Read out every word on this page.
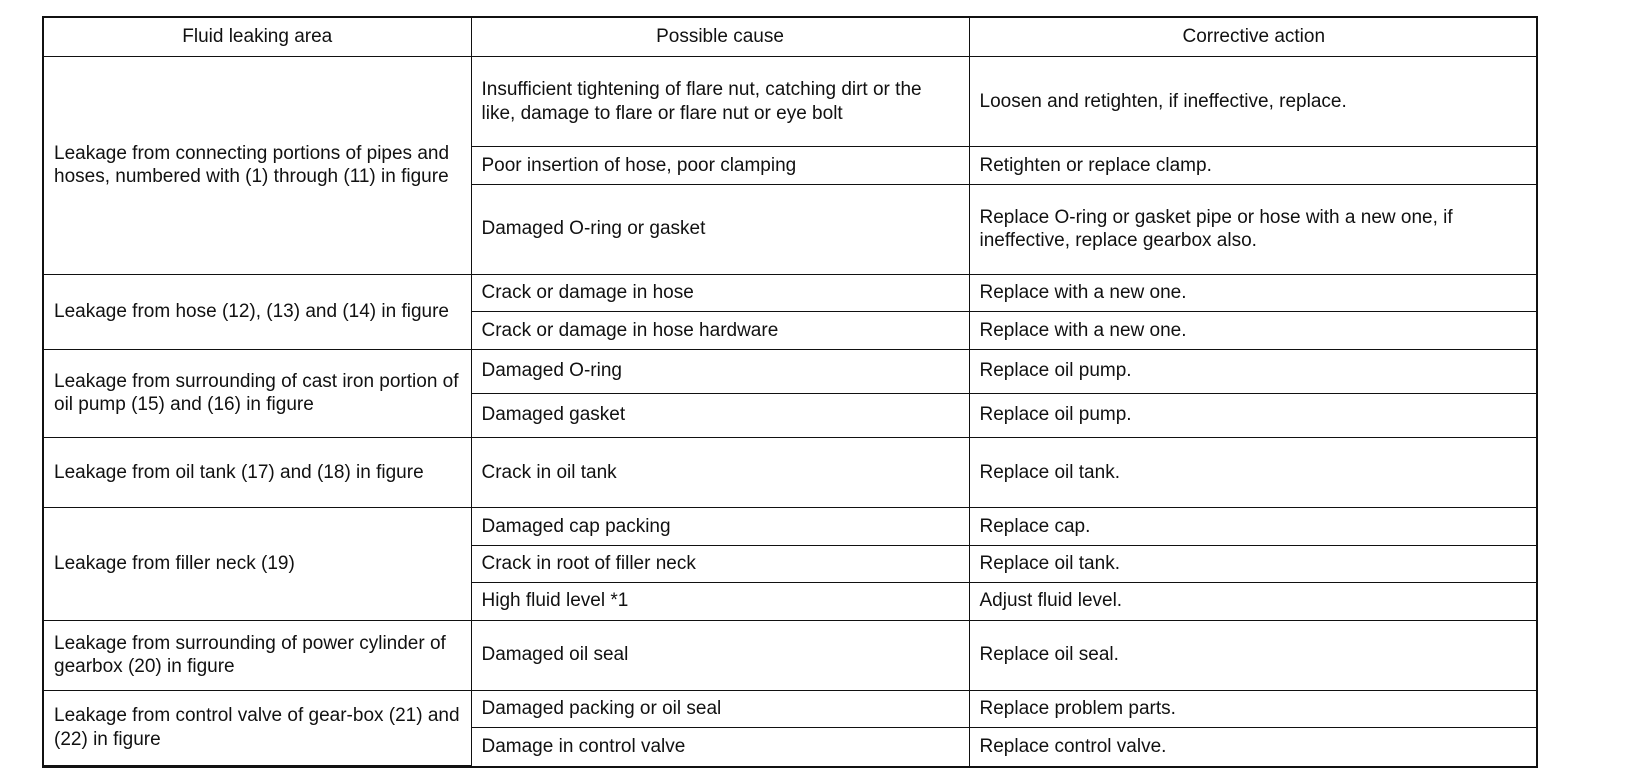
Fluid leaking area	Possible cause	Corrective action
Leakage from connecting portions of pipes and hoses, numbered with (1) through (11) in figure	Insufficient tightening of flare nut, catching dirt or the like, damage to flare or flare nut or eye bolt	Loosen and retighten, if ineffective, replace.
	Poor insertion of hose, poor clamping	Retighten or replace clamp.
	Damaged O-ring or gasket	Replace O-ring or gasket pipe or hose with a new one, if ineffective, replace gearbox also.
Leakage from hose (12), (13) and (14) in figure	Crack or damage in hose	Replace with a new one.
	Crack or damage in hose hardware	Replace with a new one.
Leakage from surrounding of cast iron portion of oil pump (15) and (16) in figure	Damaged O-ring	Replace oil pump.
	Damaged gasket	Replace oil pump.
Leakage from oil tank (17) and (18) in figure	Crack in oil tank	Replace oil tank.
Leakage from filler neck (19)	Damaged cap packing	Replace cap.
	Crack in root of filler neck	Replace oil tank.
	High fluid level *1	Adjust fluid level.
Leakage from surrounding of power cylinder of gearbox (20) in figure	Damaged oil seal	Replace oil seal.
Leakage from control valve of gear-box (21) and (22) in figure	Damaged packing or oil seal	Replace problem parts.
	Damage in control valve	Replace control valve.
